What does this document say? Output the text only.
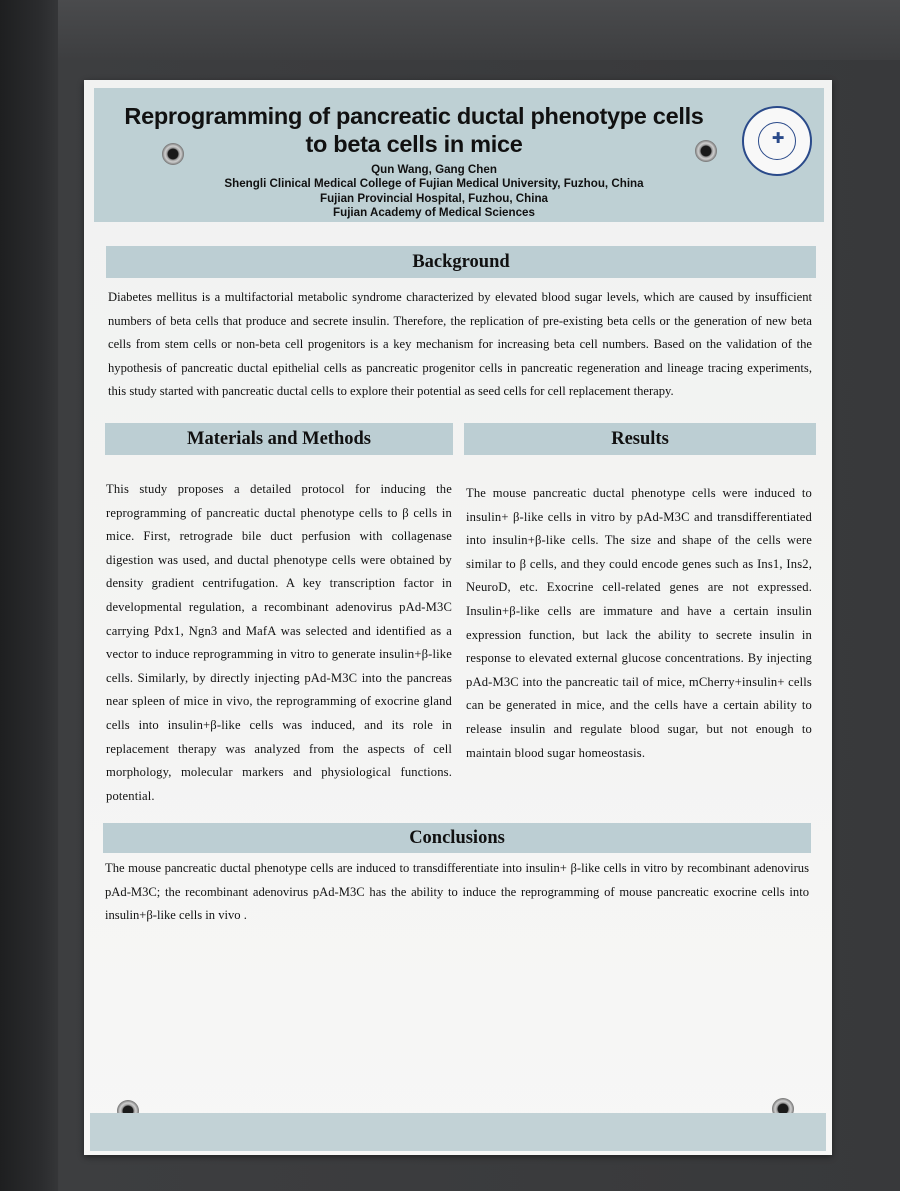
Reprogramming of pancreatic ductal phenotype cells to beta cells in mice
Qun Wang, Gang Chen
Shengli Clinical Medical College of Fujian Medical University, Fuzhou, China
Fujian Provincial Hospital, Fuzhou, China
Fujian Academy of Medical Sciences
✚
Background
Diabetes mellitus is a multifactorial metabolic syndrome characterized by elevated blood sugar levels, which are caused by insufficient numbers of beta cells that produce and secrete insulin. Therefore, the replication of pre-existing beta cells or the generation of new beta cells from stem cells or non-beta cell progenitors is a key mechanism for increasing beta cell numbers. Based on the validation of the hypothesis of pancreatic ductal epithelial cells as pancreatic progenitor cells in pancreatic regeneration and lineage tracing experiments, this study started with pancreatic ductal cells to explore their potential as seed cells for cell replacement therapy.
Materials and Methods
This study proposes a detailed protocol for inducing the reprogramming of pancreatic ductal phenotype cells to β cells in mice. First, retrograde bile duct perfusion with collagenase digestion was used, and ductal phenotype cells were obtained by density gradient centrifugation. A key transcription factor in developmental regulation, a recombinant adenovirus pAd-M3C carrying Pdx1, Ngn3 and MafA was selected and identified as a vector to induce reprogramming in vitro to generate insulin+β-like cells. Similarly, by directly injecting pAd-M3C into the pancreas near spleen of mice in vivo, the reprogramming of exocrine gland cells into insulin+β-like cells was induced, and its role in replacement therapy was analyzed from the aspects of cell morphology, molecular markers and physiological functions. potential.
Results
The mouse pancreatic ductal phenotype cells were induced to insulin+ β-like cells in vitro by pAd-M3C and transdifferentiated into insulin+β-like cells. The size and shape of the cells were similar to β cells, and they could encode genes such as Ins1, Ins2, NeuroD, etc. Exocrine cell-related genes are not expressed. Insulin+β-like cells are immature and have a certain insulin expression function, but lack the ability to secrete insulin in response to elevated external glucose concentrations. By injecting pAd-M3C into the pancreatic tail of mice, mCherry+insulin+ cells can be generated in mice, and the cells have a certain ability to release insulin and regulate blood sugar, but not enough to maintain blood sugar homeostasis.
Conclusions
The mouse pancreatic ductal phenotype cells are induced to transdifferentiate into insulin+ β-like cells in vitro by recombinant adenovirus pAd-M3C; the recombinant adenovirus pAd-M3C has the ability to induce the reprogramming of mouse pancreatic exocrine cells into insulin+β-like cells in vivo .
